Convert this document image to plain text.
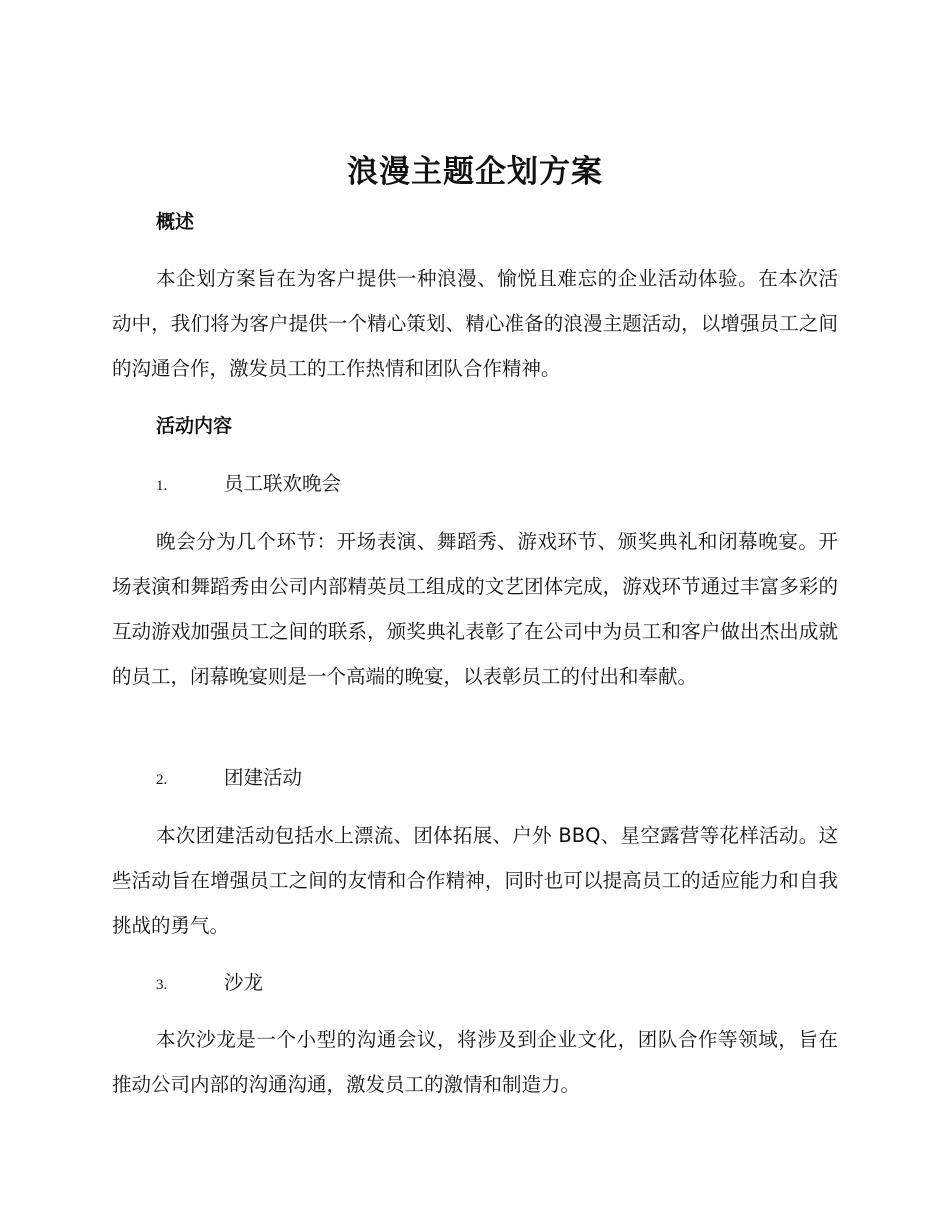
浪漫主题企划方案
概述

本企划方案旨在为客户提供一种浪漫、愉悦且难忘的企业活动体验。在本次活动中，我们将为客户提供一个精心策划、精心准备的浪漫主题活动，以增强员工之间的沟通合作，激发员工的工作热情和团队合作精神。

活动内容
1.	员工联欢晚会

晚会分为几个环节：开场表演、舞蹈秀、游戏环节、颁奖典礼和闭幕晚宴。开场表演和舞蹈秀由公司内部精英员工组成的文艺团体完成，游戏环节通过丰富多彩的互动游戏加强员工之间的联系，颁奖典礼表彰了在公司中为员工和客户做出杰出成就的员工，闭幕晚宴则是一个高端的晚宴，以表彰员工的付出和奉献。

2.	团建活动

本次团建活动包括水上漂流、团体拓展、户外 BBQ、星空露营等花样活动。这些活动旨在增强员工之间的友情和合作精神，同时也可以提高员工的适应能力和自我挑战的勇气。

3.	沙龙

本次沙龙是一个小型的沟通会议，将涉及到企业文化，团队合作等领域，旨在推动公司内部的沟通沟通，激发员工的激情和制造力。
